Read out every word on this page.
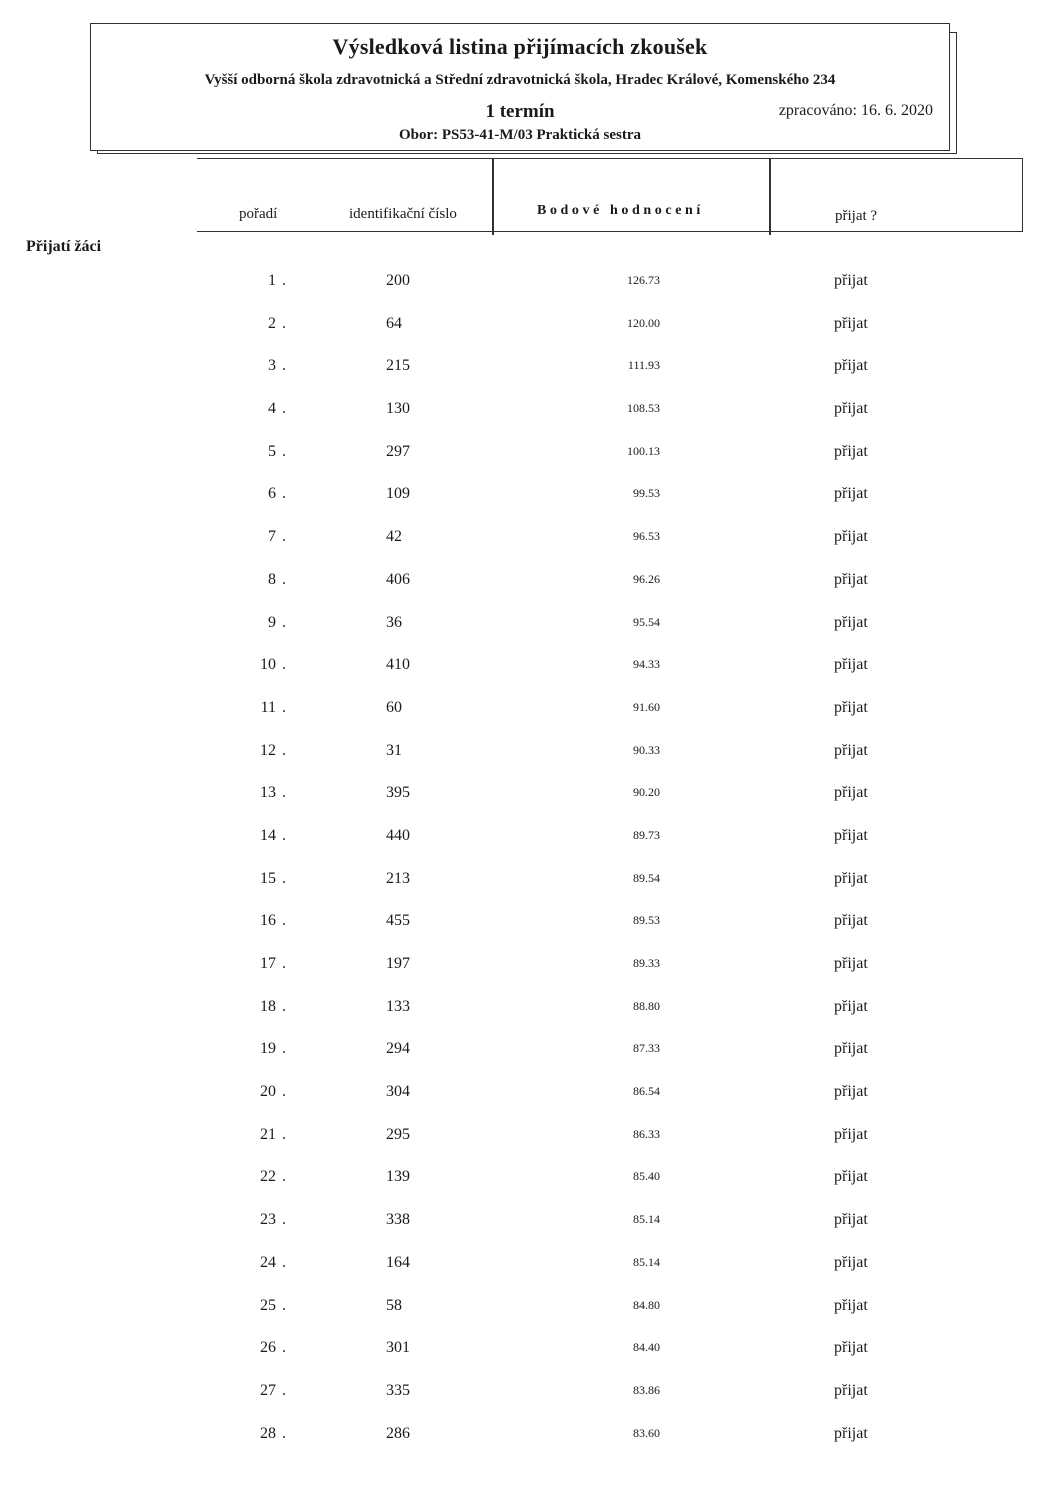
Výsledková listina přijímacích zkoušek
Vyšší odborná škola zdravotnická a Střední zdravotnická škola, Hradec Králové, Komenského 234
1 termín	zpracováno: 16. 6. 2020
Obor: PS53-41-M/03 Praktická sestra
pořadí	identifikační číslo	Bodové hodnocení	přijat ?
Přijatí žáci
1 .	200	126.73	přijat
2 .	64	120.00	přijat
3 .	215	111.93	přijat
4 .	130	108.53	přijat
5 .	297	100.13	přijat
6 .	109	99.53	přijat
7 .	42	96.53	přijat
8 .	406	96.26	přijat
9 .	36	95.54	přijat
10 .	410	94.33	přijat
11 .	60	91.60	přijat
12 .	31	90.33	přijat
13 .	395	90.20	přijat
14 .	440	89.73	přijat
15 .	213	89.54	přijat
16 .	455	89.53	přijat
17 .	197	89.33	přijat
18 .	133	88.80	přijat
19 .	294	87.33	přijat
20 .	304	86.54	přijat
21 .	295	86.33	přijat
22 .	139	85.40	přijat
23 .	338	85.14	přijat
24 .	164	85.14	přijat
25 .	58	84.80	přijat
26 .	301	84.40	přijat
27 .	335	83.86	přijat
28 .	286	83.60	přijat
